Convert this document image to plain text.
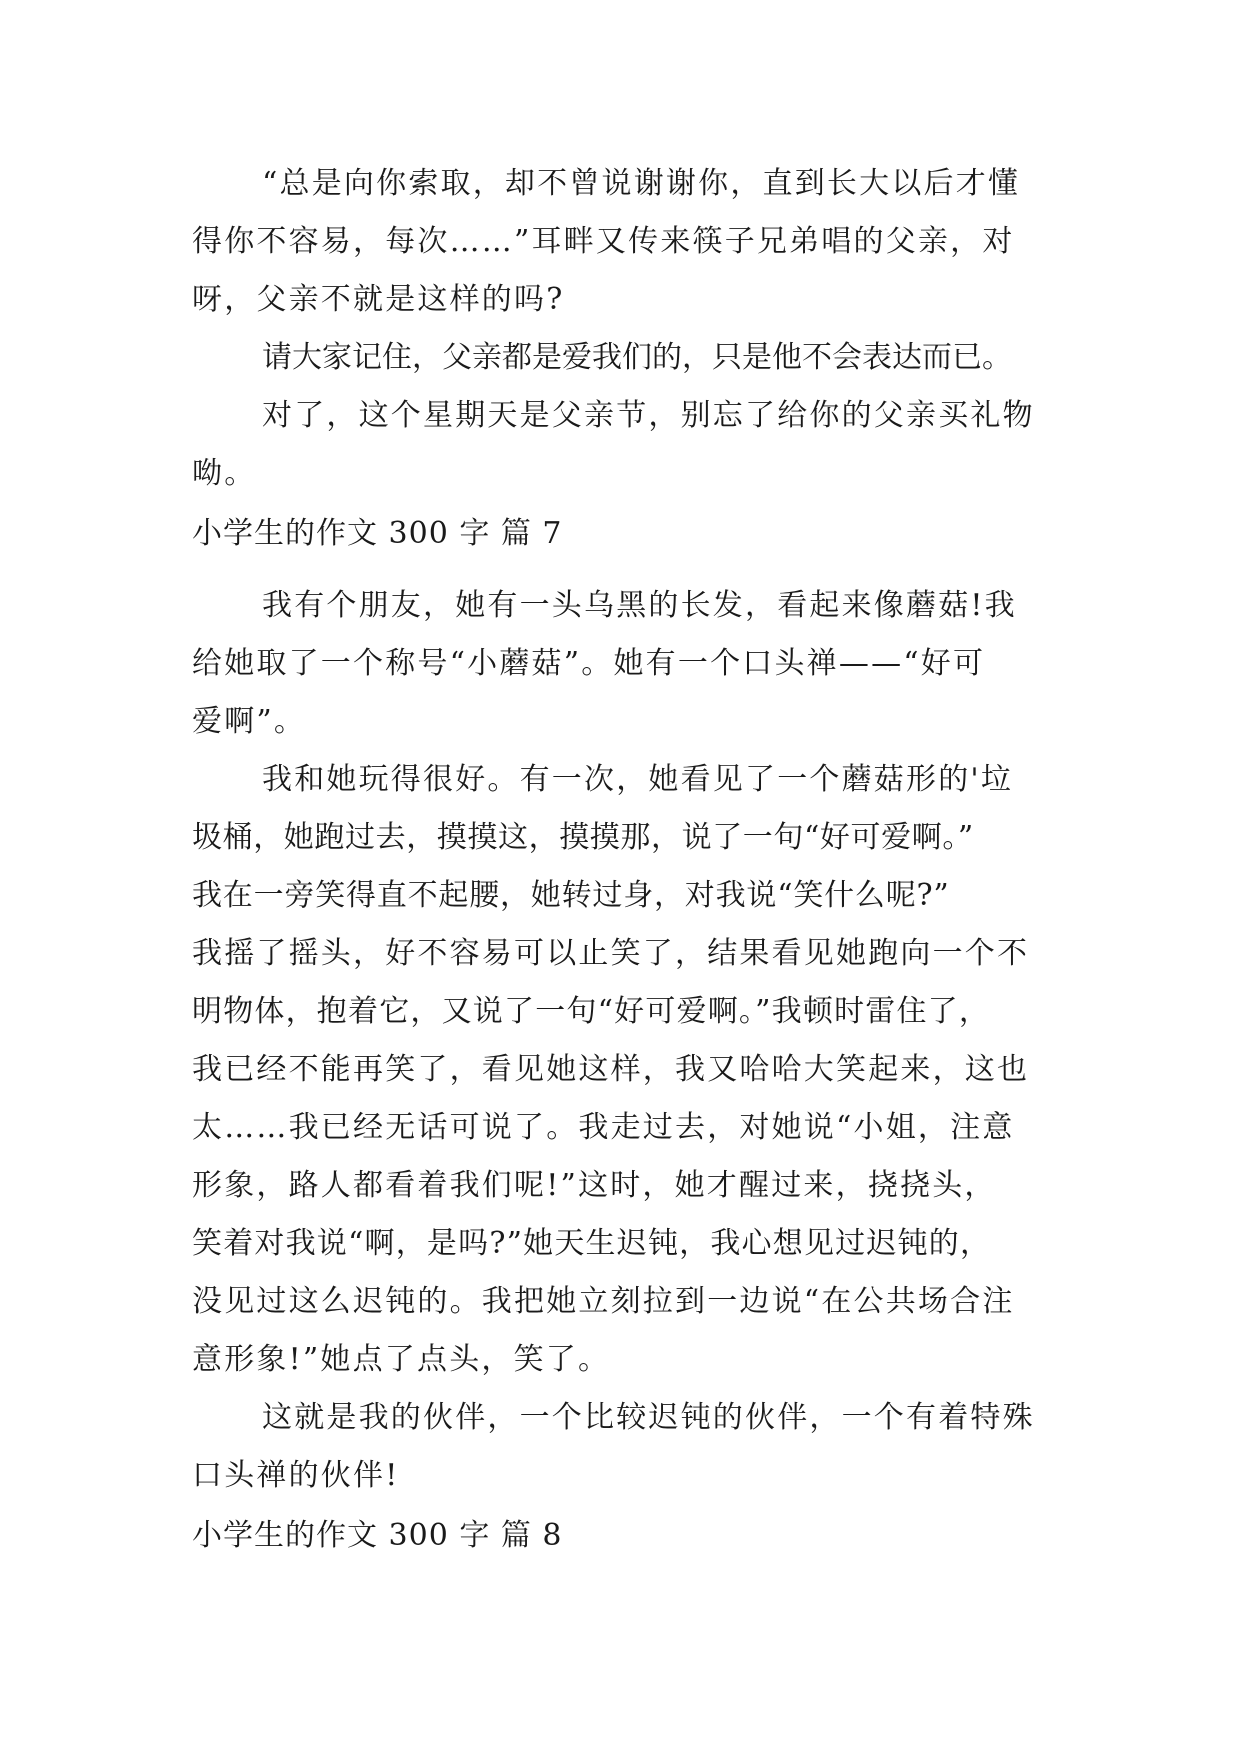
“总是向你索取，却不曾说谢谢你，直到长大以后才懂
得你不容易，每次……”耳畔又传来筷子兄弟唱的父亲，对
呀，父亲不就是这样的吗?
请大家记住，父亲都是爱我们的，只是他不会表达而已。
对了，这个星期天是父亲节，别忘了给你的父亲买礼物
呦。
小学生的作文 300 字 篇 7
我有个朋友，她有一头乌黑的长发，看起来像蘑菇!我
给她取了一个称号“小蘑菇”。她有一个口头禅——“好可
爱啊”。
我和她玩得很好。有一次，她看见了一个蘑菇形的'垃
圾桶，她跑过去，摸摸这，摸摸那，说了一句“好可爱啊。”
我在一旁笑得直不起腰，她转过身，对我说“笑什么呢?”
我摇了摇头，好不容易可以止笑了，结果看见她跑向一个不
明物体，抱着它，又说了一句“好可爱啊。”我顿时雷住了，
我已经不能再笑了，看见她这样，我又哈哈大笑起来，这也
太……我已经无话可说了。我走过去，对她说“小姐，注意
形象，路人都看着我们呢!”这时，她才醒过来，挠挠头，
笑着对我说“啊，是吗?”她天生迟钝，我心想见过迟钝的，
没见过这么迟钝的。我把她立刻拉到一边说“在公共场合注
意形象!”她点了点头，笑了。
这就是我的伙伴，一个比较迟钝的伙伴，一个有着特殊
口头禅的伙伴!
小学生的作文 300 字 篇 8
